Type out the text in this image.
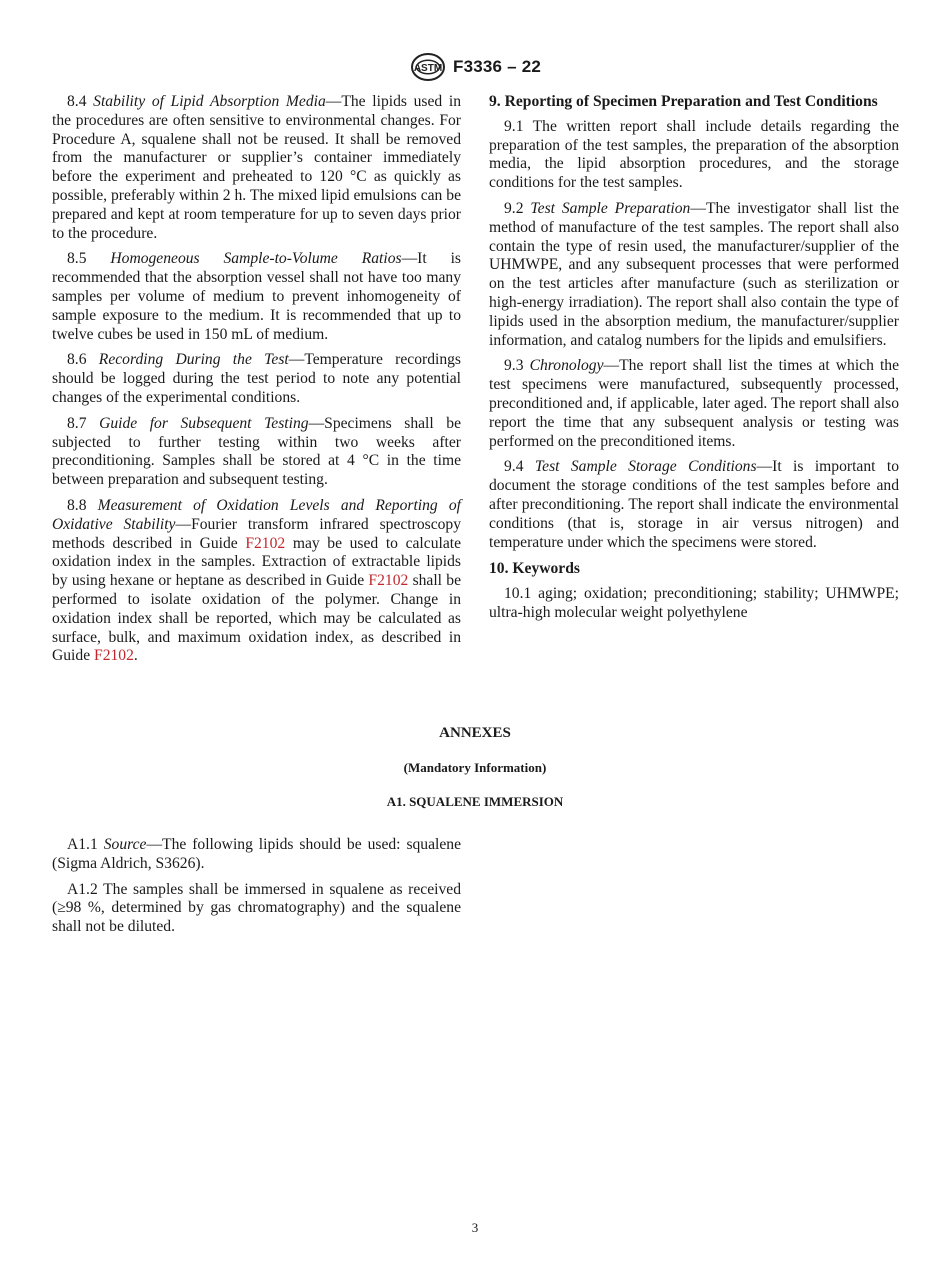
ASTM F3336 – 22

8.4 Stability of Lipid Absorption Media—The lipids used in the procedures are often sensitive to environmental changes. For Procedure A, squalene shall not be reused. It shall be removed from the manufacturer or supplier’s container immediately before the experiment and preheated to 120 °C as quickly as possible, preferably within 2 h. The mixed lipid emulsions can be prepared and kept at room temperature for up to seven days prior to the procedure.

8.5 Homogeneous Sample-to-Volume Ratios—It is recommended that the absorption vessel shall not have too many samples per volume of medium to prevent inhomogeneity of sample exposure to the medium. It is recommended that up to twelve cubes be used in 150 mL of medium.

8.6 Recording During the Test—Temperature recordings should be logged during the test period to note any potential changes of the experimental conditions.

8.7 Guide for Subsequent Testing—Specimens shall be subjected to further testing within two weeks after preconditioning. Samples shall be stored at 4 °C in the time between preparation and subsequent testing.

8.8 Measurement of Oxidation Levels and Reporting of Oxidative Stability—Fourier transform infrared spectroscopy methods described in Guide F2102 may be used to calculate oxidation index in the samples. Extraction of extractable lipids by using hexane or heptane as described in Guide F2102 shall be performed to isolate oxidation of the polymer. Change in oxidation index shall be reported, which may be calculated as surface, bulk, and maximum oxidation index, as described in Guide F2102.

9. Reporting of Specimen Preparation and Test Conditions

9.1 The written report shall include details regarding the preparation of the test samples, the preparation of the absorption media, the lipid absorption procedures, and the storage conditions for the test samples.

9.2 Test Sample Preparation—The investigator shall list the method of manufacture of the test samples. The report shall also contain the type of resin used, the manufacturer/supplier of the UHMWPE, and any subsequent processes that were performed on the test articles after manufacture (such as sterilization or high-energy irradiation). The report shall also contain the type of lipids used in the absorption medium, the manufacturer/supplier information, and catalog numbers for the lipids and emulsifiers.

9.3 Chronology—The report shall list the times at which the test specimens were manufactured, subsequently processed, preconditioned and, if applicable, later aged. The report shall also report the time that any subsequent analysis or testing was performed on the preconditioned items.

9.4 Test Sample Storage Conditions—It is important to document the storage conditions of the test samples before and after preconditioning. The report shall indicate the environmental conditions (that is, storage in air versus nitrogen) and temperature under which the specimens were stored.

10. Keywords

10.1 aging; oxidation; preconditioning; stability; UHMWPE; ultra-high molecular weight polyethylene

ANNEXES
(Mandatory Information)
A1. SQUALENE IMMERSION

A1.1 Source—The following lipids should be used: squalene (Sigma Aldrich, S3626).

A1.2 The samples shall be immersed in squalene as received (≥98 %, determined by gas chromatography) and the squalene shall not be diluted.

3
